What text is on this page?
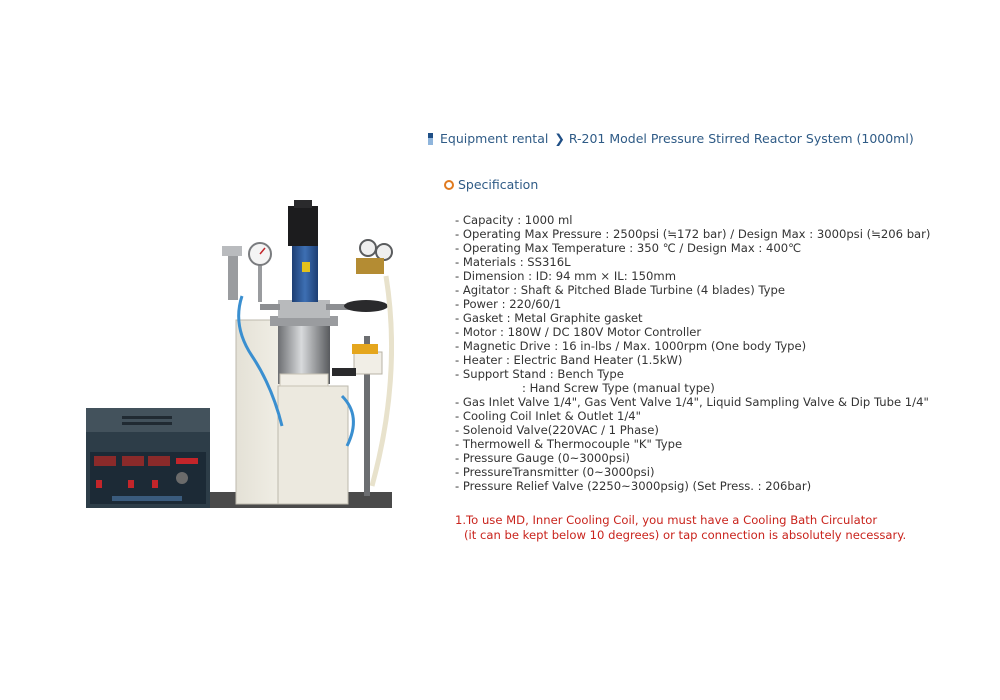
Equipment rental ❯ R-201 Model Pressure Stirred Reactor System (1000ml)
Specification
- Capacity : 1000 ml
- Operating Max Pressure : 2500psi (≒172 bar) / Design Max : 3000psi (≒206 bar)
- Operating Max Temperature : 350 ℃ / Design Max : 400℃
- Materials : SS316L
- Dimension : ID: 94 mm × IL: 150mm
- Agitator : Shaft & Pitched Blade Turbine (4 blades) Type
- Power : 220/60/1
- Gasket : Metal Graphite gasket
- Motor : 180W / DC 180V Motor Controller
- Magnetic Drive : 16 in-lbs / Max. 1000rpm (One body Type)
- Heater : Electric Band Heater (1.5kW)
- Support Stand : Bench Type
: Hand Screw Type (manual type)
- Gas Inlet Valve 1/4", Gas Vent Valve 1/4", Liquid Sampling Valve & Dip Tube 1/4"
- Cooling Coil Inlet & Outlet 1/4"
- Solenoid Valve(220VAC / 1 Phase)
- Thermowell & Thermocouple "K" Type
- Pressure Gauge (0~3000psi)
- PressureTransmitter (0~3000psi)
- Pressure Relief Valve (2250~3000psig) (Set Press. : 206bar)
1.To use MD, Inner Cooling Coil, you must have a Cooling Bath Circulator
(it can be kept below 10 degrees) or tap connection is absolutely necessary.
